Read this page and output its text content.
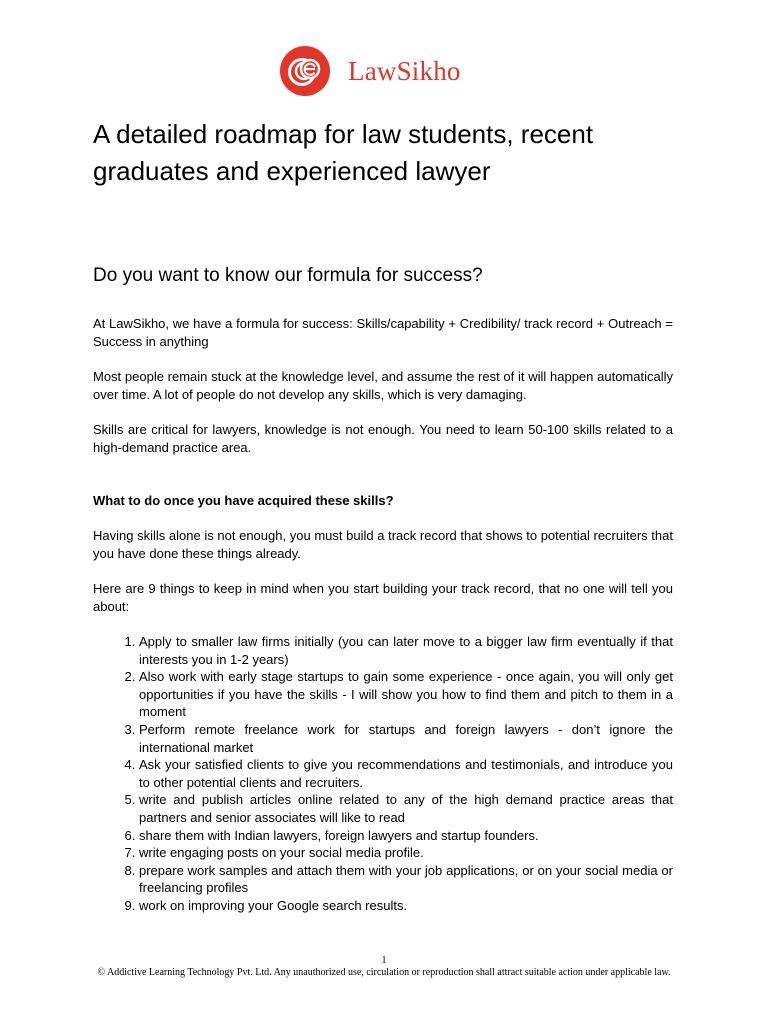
LawSikho
A detailed roadmap for law students, recent graduates and experienced lawyer
Do you want to know our formula for success?

At LawSikho, we have a formula for success: Skills/capability + Credibility/ track record + Outreach = Success in anything

Most people remain stuck at the knowledge level, and assume the rest of it will happen automatically over time. A lot of people do not develop any skills, which is very damaging.

Skills are critical for lawyers, knowledge is not enough. You need to learn 50-100 skills related to a high-demand practice area.

What to do once you have acquired these skills?

Having skills alone is not enough, you must build a track record that shows to potential recruiters that you have done these things already.

Here are 9 things to keep in mind when you start building your track record, that no one will tell you about:

1. Apply to smaller law firms initially (you can later move to a bigger law firm eventually if that interests you in 1-2 years)
2. Also work with early stage startups to gain some experience - once again, you will only get opportunities if you have the skills - I will show you how to find them and pitch to them in a moment
3. Perform remote freelance work for startups and foreign lawyers - don’t ignore the international market
4. Ask your satisfied clients to give you recommendations and testimonials, and introduce you to other potential clients and recruiters.
5. write and publish articles online related to any of the high demand practice areas that partners and senior associates will like to read
6. share them with Indian lawyers, foreign lawyers and startup founders.
7. write engaging posts on your social media profile.
8. prepare work samples and attach them with your job applications, or on your social media or freelancing profiles
9. work on improving your Google search results.
1
© Addictive Learning Technology Pvt. Ltd. Any unauthorized use, circulation or reproduction shall attract suitable action under applicable law.
